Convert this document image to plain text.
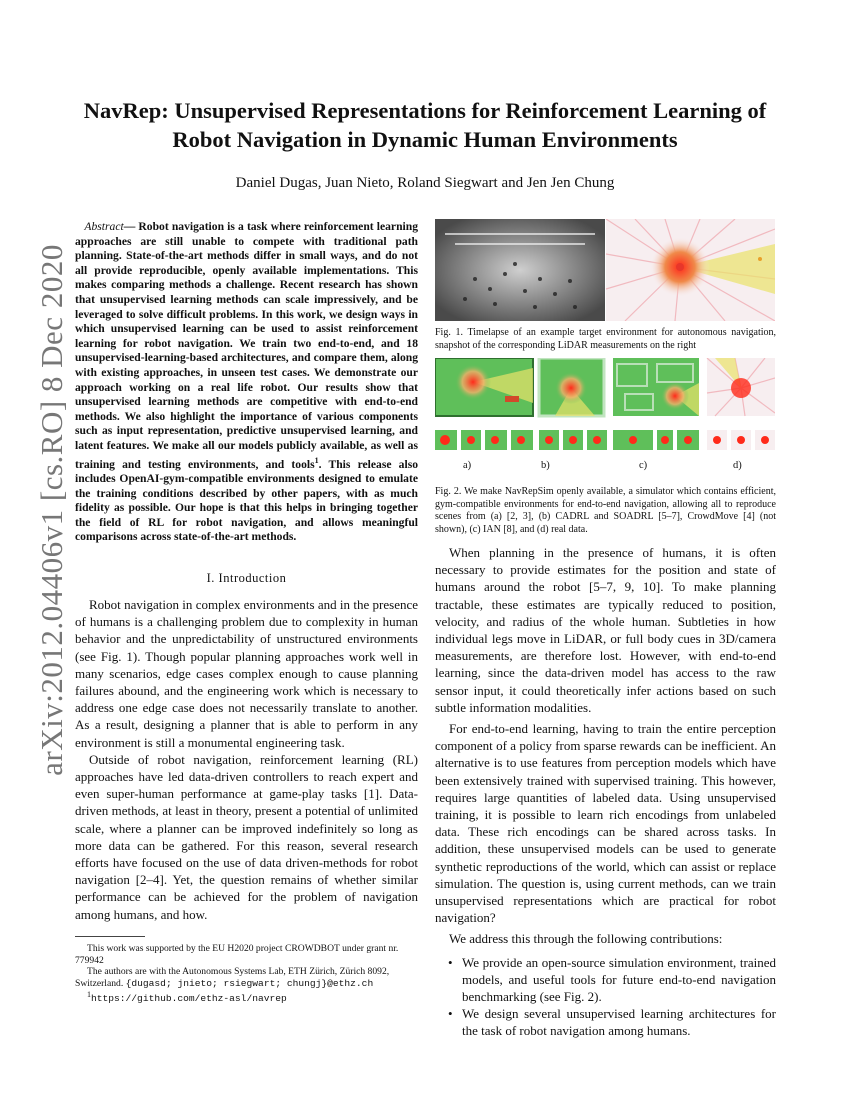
arXiv:2012.04406v1 [cs.RO] 8 Dec 2020
NavRep: Unsupervised Representations for Reinforcement Learning of
Robot Navigation in Dynamic Human Environments
Daniel Dugas, Juan Nieto, Roland Siegwart and Jen Jen Chung
Abstract— Robot navigation is a task where reinforcement learning approaches are still unable to compete with traditional path planning. State-of-the-art methods differ in small ways, and do not all provide reproducible, openly available implementations. This makes comparing methods a challenge. Recent research has shown that unsupervised learning methods can scale impressively, and be leveraged to solve difficult problems. In this work, we design ways in which unsupervised learning can be used to assist reinforcement learning for robot navigation. We train two end-to-end, and 18 unsupervised-learning-based architectures, and compare them, along with existing approaches, in unseen test cases. We demonstrate our approach working on a real life robot. Our results show that unsupervised learning methods are competitive with end-to-end methods. We also highlight the importance of various components such as input representation, predictive unsupervised learning, and latent features. We make all our models publicly available, as well as training and testing environments, and tools$^1$. This release also includes OpenAI-gym-compatible environments designed to emulate the training conditions described by other papers, with as much fidelity as possible. Our hope is that this helps in bringing together the field of RL for robot navigation, and allows meaningful comparisons across state-of-the-art methods.
I. Introduction

Robot navigation in complex environments and in the presence of humans is a challenging problem due to complexity in human behavior and the unpredictability of unstructured environments (see Fig. 1). Though popular planning approaches work well in many scenarios, edge cases complex enough to cause planning failures abound, and the engineering work which is necessary to address one edge case does not necessarily translate to another. As a result, designing a planner that is able to perform in any environment is still a monumental engineering task.

Outside of robot navigation, reinforcement learning (RL) approaches have led data-driven controllers to reach expert and even super-human performance at game-play tasks [1]. Data-driven methods, at least in theory, present a potential of unlimited scale, where a planner can be improved indefinitely so long as more data can be gathered. For this reason, several research efforts have focused on the use of data driven-methods for robot navigation [2–4]. Yet, the question remains of whether similar performance can be achieved for the problem of navigation among humans, and how.

This work was supported by the EU H2020 project CROWDBOT under grant nr. 779942
The authors are with the Autonomous Systems Lab, ETH Zürich, Zürich 8092, Switzerland. {dugasd; jnieto; rsiegwart; chungj}@ethz.ch
$^1$https://github.com/ethz-asl/navrep
Fig. 1. Timelapse of an example target environment for autonomous navigation, snapshot of the corresponding LiDAR measurements on the right
a)	b)	c)	d)
Fig. 2. We make NavRepSim openly available, a simulator which contains efficient, gym-compatible environments for end-to-end navigation, allowing all to reproduce scenes from (a) [2, 3], (b) CADRL and SOADRL [5–7], CrowdMove [4] (not shown), (c) IAN [8], and (d) real data.

When planning in the presence of humans, it is often necessary to provide estimates for the position and state of humans around the robot [5–7, 9, 10]. To make planning tractable, these estimates are typically reduced to position, velocity, and radius of the whole human. Subtleties in how individual legs move in LiDAR, or full body cues in 3D/camera measurements, are therefore lost. However, with end-to-end learning, since the data-driven model has access to the raw sensor input, it could theoretically infer actions based on such subtle information modalities.

For end-to-end learning, having to train the entire perception component of a policy from sparse rewards can be inefficient. An alternative is to use features from perception models which have been extensively trained with supervised training. This however, requires large quantities of labeled data. Using unsupervised training, it is possible to learn rich encodings from unlabeled data. These rich encodings can be shared across tasks. In addition, these unsupervised models can be used to generate synthetic reproductions of the world, which can assist or replace simulation. The question is, using current methods, can we train unsupervised representations which are practical for robot navigation?

We address this through the following contributions:

• We provide an open-source simulation environment, trained models, and useful tools for future end-to-end navigation benchmarking (see Fig. 2).
• We design several unsupervised learning architectures for the task of robot navigation among humans.
